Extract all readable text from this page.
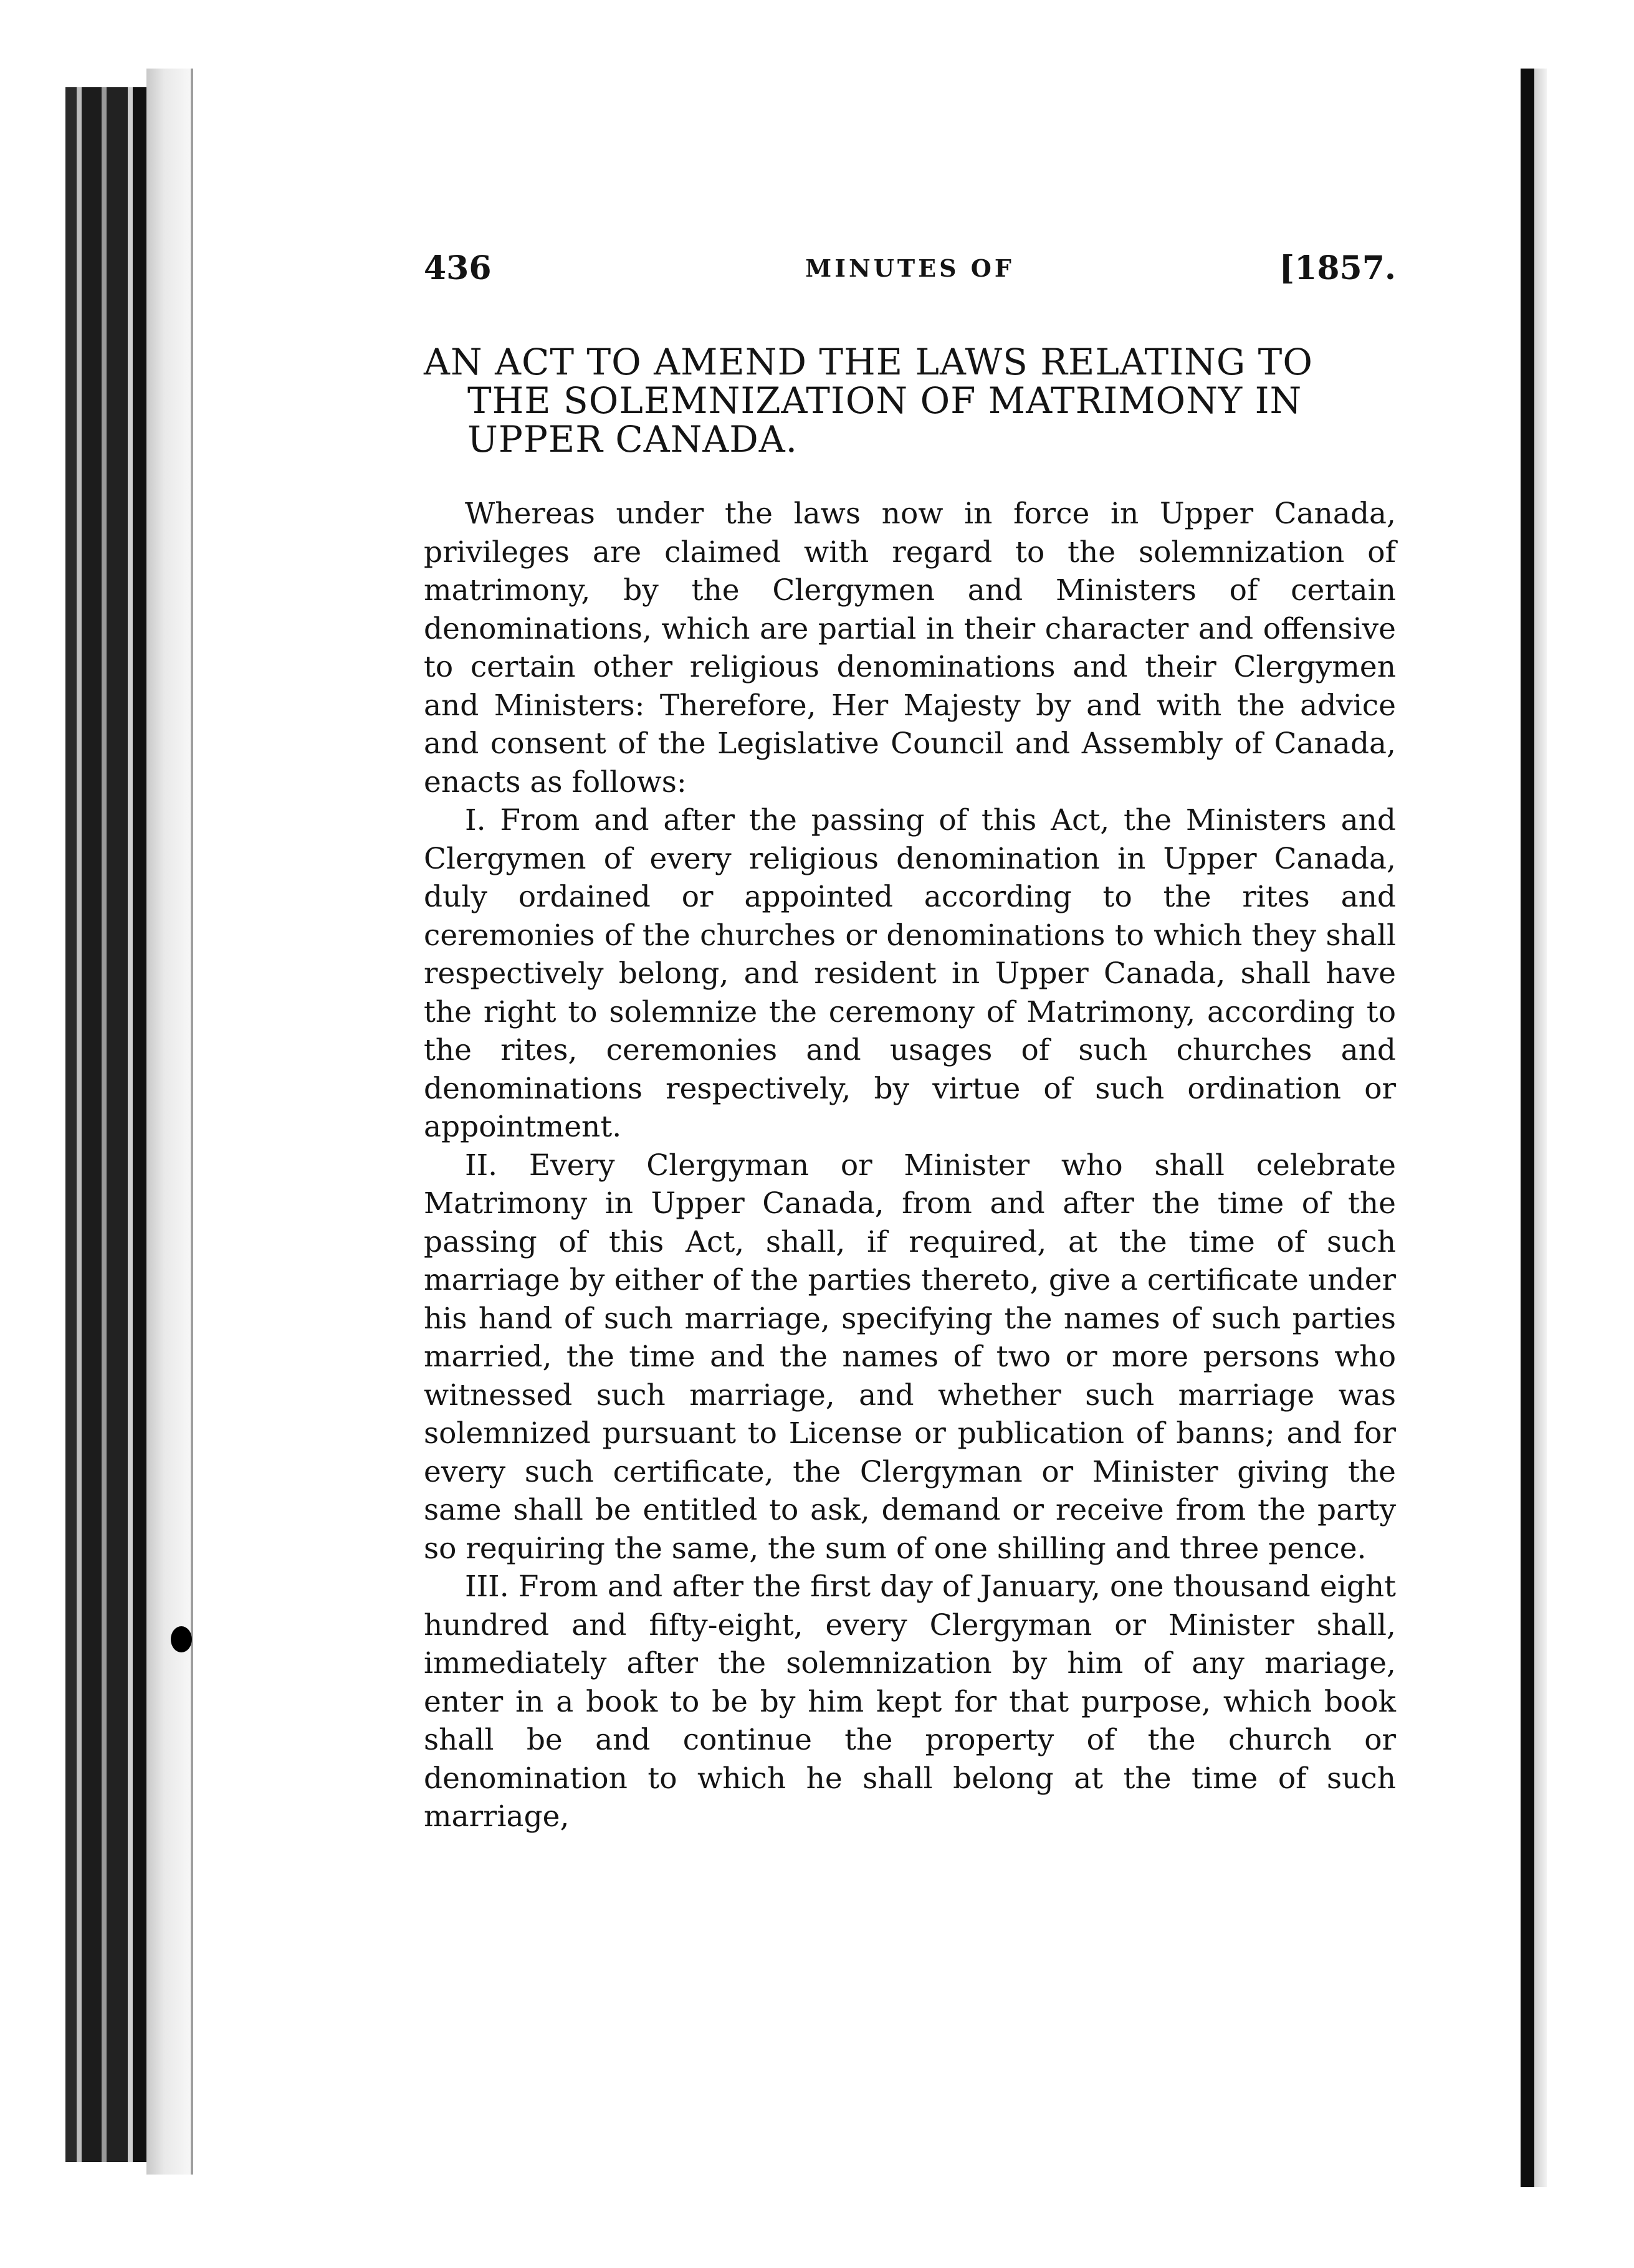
436	MINUTES OF	[1857.
AN ACT TO AMEND THE LAWS RELATING TO THE SOLEMNIZATION OF MATRIMONY IN UPPER CANADA.

Whereas under the laws now in force in Upper Canada, privileges are claimed with regard to the solemnization of matrimony, by the Clergymen and Ministers of certain denominations, which are partial in their character and offensive to certain other religious denominations and their Clergymen and Ministers: Therefore, Her Majesty by and with the advice and consent of the Legislative Council and Assembly of Canada, enacts as follows:

I. From and after the passing of this Act, the Ministers and Clergymen of every religious denomination in Upper Canada, duly ordained or appointed according to the rites and ceremonies of the churches or denominations to which they shall respectively belong, and resident in Upper Canada, shall have the right to solemnize the ceremony of Matrimony, according to the rites, ceremonies and usages of such churches and denominations respectively, by virtue of such ordination or appointment.

II. Every Clergyman or Minister who shall celebrate Matrimony in Upper Canada, from and after the time of the passing of this Act, shall, if required, at the time of such marriage by either of the parties thereto, give a certificate under his hand of such marriage, specifying the names of such parties married, the time and the names of two or more persons who witnessed such marriage, and whether such marriage was solemnized pursuant to License or publication of banns; and for every such certificate, the Clergyman or Minister giving the same shall be entitled to ask, demand or receive from the party so requiring the same, the sum of one shilling and three pence.

III. From and after the first day of January, one thousand eight hundred and fifty-eight, every Clergyman or Minister shall, immediately after the solemnization by him of any mariage, enter in a book to be by him kept for that purpose, which book shall be and continue the property of the church or denomination to which he shall belong at the time of such marriage,
